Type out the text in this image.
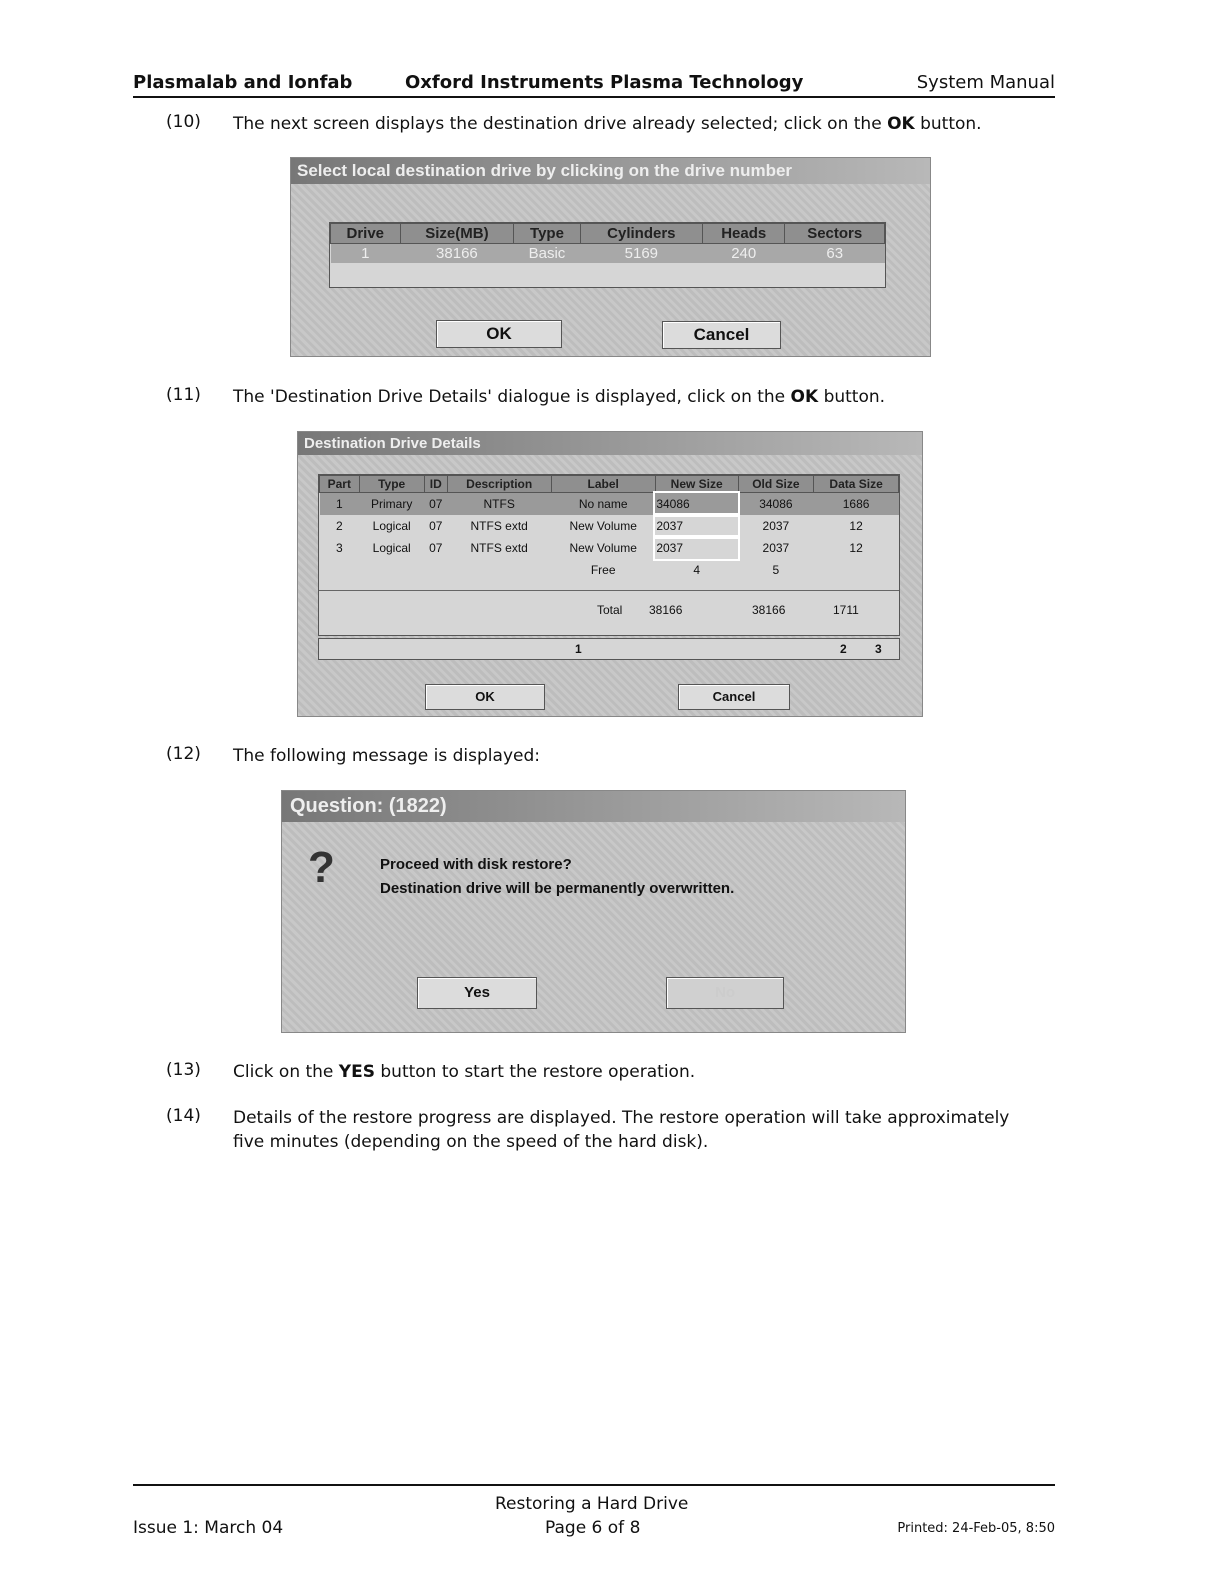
Plasmalab and Ionfab	Oxford Instruments Plasma Technology	System Manual
(10) The next screen displays the destination drive already selected; click on the OK button.
Select local destination drive by clicking on the drive number
Drive	Size(MB)	Type	Cylinders	Heads	Sectors
1	38166	Basic	5169	240	63
OK	Cancel
(11) The 'Destination Drive Details' dialogue is displayed, click on the OK button.
Destination Drive Details
Part	Type	ID	Description	Label	New Size	Old Size	Data Size
1	Primary	07	NTFS	No name	34086	34086	1686
2	Logical	07	NTFS extd	New Volume	2037	2037	12
3	Logical	07	NTFS extd	New Volume	2037	2037	12
				Free	4	5	
Total 38166	38166	1711
1	2 3
OK	Cancel
(12) The following message is displayed:
Question: (1822)
?	Proceed with disk restore?
Destination drive will be permanently overwritten.
Yes	No
(13) Click on the YES button to start the restore operation.
(14) Details of the restore progress are displayed. The restore operation will take approximately five minutes (depending on the speed of the hard disk).
Issue 1: March 04
Restoring a Hard Drive
Page 6 of 8	Printed: 24-Feb-05, 8:50
